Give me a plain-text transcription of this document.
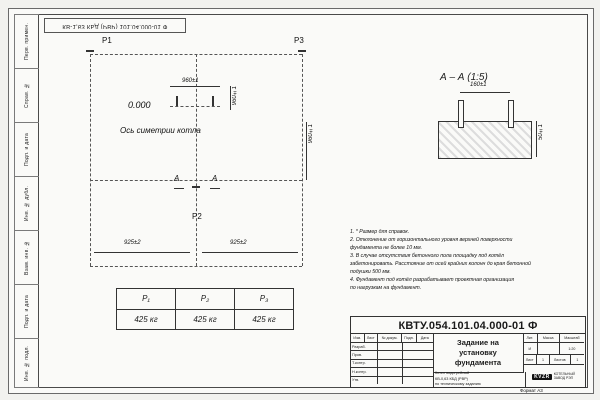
Перв. примен.
Справ. №
Подп. и дата
Инв. № дубл.
Взам. инв. №
Подп. и дата
Инв. № подл.
КВ-1,63 КБД (РВР) 101.04.000-01 Ф
Р1	Р3
Р2
0.000
Ось симетрии котла
960±1
960±1
960±1
925±2	925±2
А	А
А – А (1:5)
160±1
50±1
1. * Размер для справок.
2. Отклонение от горизонтального уровня верхней поверхности
фундамента не более 10 мм.
3. В случае отсутствия бетонного пола площадку под котёл
забетонировать. Расстояние от осей крайних колонн до края бетонной
подушки 500 мм.
4. Фундамент под котёл разрабатывает проектная организация
по нагрузкам на фундамент.
Р₁	Р₂	Р₃
425 кг	425 кг	425 кг
КВТУ.054.101.04.000-01 Ф
Изм.	Лист	№ докум.	Подп.	Дата
Разраб.
Пров.
Т.контр.
Н.контр.
Утв.
Задание на
установку
фундамента
Котел водогрейный
КВ-0,63 КБД (РВР)
по техническому заданию
Лит.	Масса	Масштаб
И	1:20
Лист	1	Листов	1
KVZR	КОТЕЛЬНЫЙ
ЗАВОД РЭП
Формат A3
